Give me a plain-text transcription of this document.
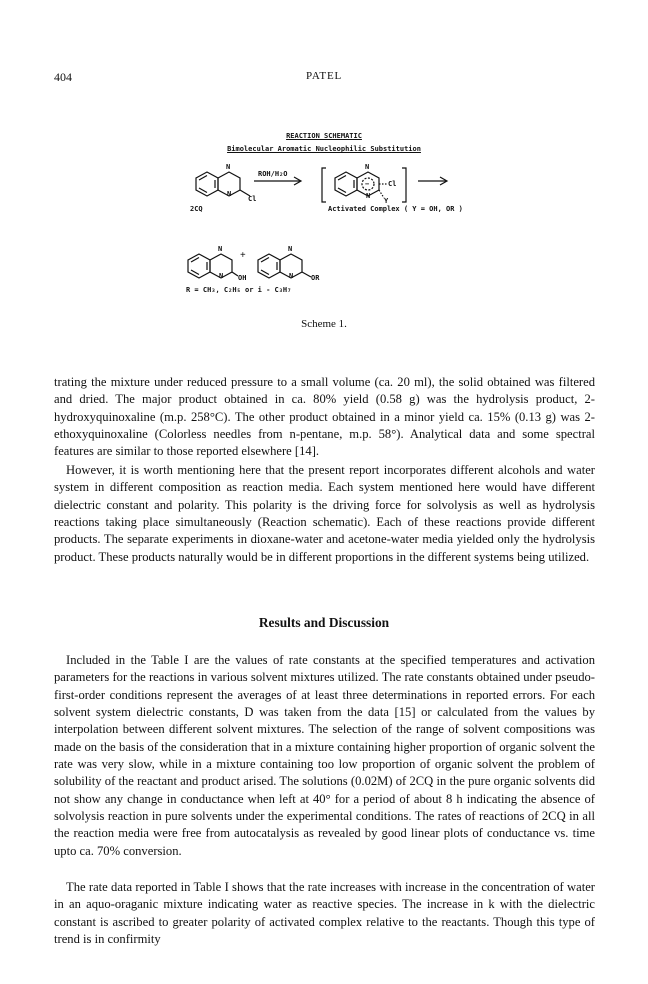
404	PATEL
REACTION SCHEMATIC
Bimolecular Aromatic Nucleophilic Substitution
N
N
Cl
ROH/H₂O
N
N
−	Cl
Y
2CQ	Activated Complex ( Y = OH, OR )
N
N OH
+
N
N	OR
R = CH₃, C₂H₅ or i - C₃H₇
Scheme 1.

trating the mixture under reduced pressure to a small volume (ca. 20 ml), the solid obtained was filtered and dried. The major product obtained in ca. 80% yield (0.58 g) was the hydrolysis product, 2-hydroxyquinoxaline (m.p. 258°C). The other product obtained in a minor yield ca. 15% (0.13 g) was 2-ethoxyquinoxaline (Colorless needles from n-pentane, m.p. 58°). Analytical data and some spectral features are similar to those reported elsewhere [14].

However, it is worth mentioning here that the present report incorporates different alcohols and water system in different composition as reaction media. Each system mentioned here would have different dielectric constant and polarity. This polarity is the driving force for solvolysis as well as hydrolysis reactions taking place simultaneously (Reaction schematic). Each of these reactions provide different products. The separate experiments in dioxane-water and acetone-water media yielded only the hydrolysis product. These products naturally would be in different proportions in the different systems being utilized.

Results and Discussion

Included in the Table I are the values of rate constants at the specified temperatures and activation parameters for the reactions in various solvent mixtures utilized. The rate constants obtained under pseudo-first-order conditions represent the averages of at least three determinations in reported errors. For each solvent system dielectric constants, D was taken from the data [15] or calculated from the values by interpolation between different solvent mixtures. The selection of the range of solvent compositions was made on the basis of the consideration that in a mixture containing higher proportion of organic solvent the rate was very slow, while in a mixture containing too low proportion of organic solvent the problem of solubility of the reactant and product arised. The solutions (0.02M) of 2CQ in the pure organic solvents did not show any change in conductance when left at 40° for a period of about 8 h indicating the absence of solvolysis reaction in pure solvents under the experimental conditions. The rates of reactions of 2CQ in all the reaction media were free from autocatalysis as revealed by good linear plots of conductance vs. time upto ca. 70% conversion.

The rate data reported in Table I shows that the rate increases with increase in the concentration of water in an aquo-oraganic mixture indicating water as reactive species. The increase in k with the dielectric constant is ascribed to greater polarity of activated complex relative to the reactants. Though this type of trend is in confirmity
